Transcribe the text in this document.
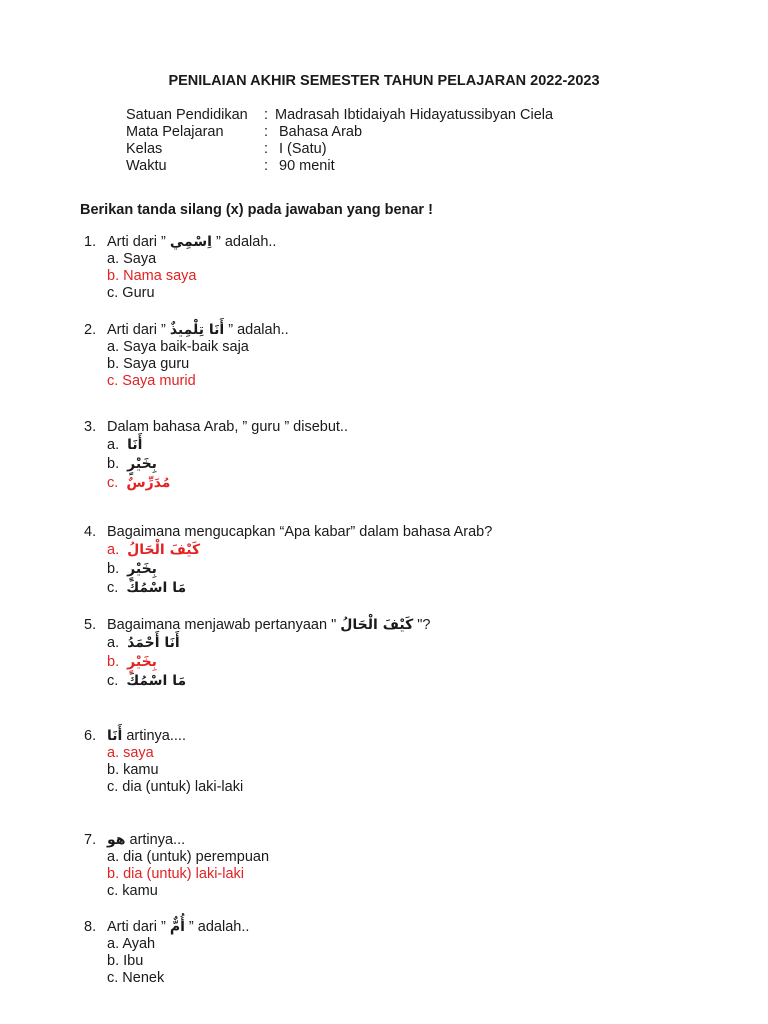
PENILAIAN AKHIR SEMESTER TAHUN PELAJARAN 2022-2023
Satuan Pendidikan : Madrasah Ibtidaiyah Hidayatussibyan Ciela
Mata Pelajaran	: Bahasa Arab
Kelas	: I (Satu)
Waktu	: 90 menit
Berikan tanda silang (x) pada jawaban yang benar !
1. Arti dari ” اِسْمِي ” adalah..
a. Saya
b. Nama saya
c. Guru
2. Arti dari ” أَنَا تِلْمِيذٌ ” adalah..
a. Saya baik-baik saja
b. Saya guru
c. Saya murid
3. Dalam bahasa Arab, ” guru ” disebut..
a. أَنَا
b. بِخَيْرٍ
c. مُدَرِّسٌ
4. Bagaimana mengucapkan “Apa kabar” dalam bahasa Arab?
a. كَيْفَ الْحَالُ
b. بِخَيْرٍ
c. مَا اسْمُكَ
5. Bagaimana menjawab pertanyaan " كَيْفَ الْحَالُ "?
a. أَنَا أَحْمَدُ
b. بِخَيْرٍ
c. مَا اسْمُكَ
6. أَنَا artinya....
a. saya
b. kamu
c. dia (untuk) laki-laki
7. هو artinya...
a. dia (untuk) perempuan
b. dia (untuk) laki-laki
c. kamu
8. Arti dari ” أُمٌّ ” adalah..
a. Ayah
b. Ibu
c. Nenek
